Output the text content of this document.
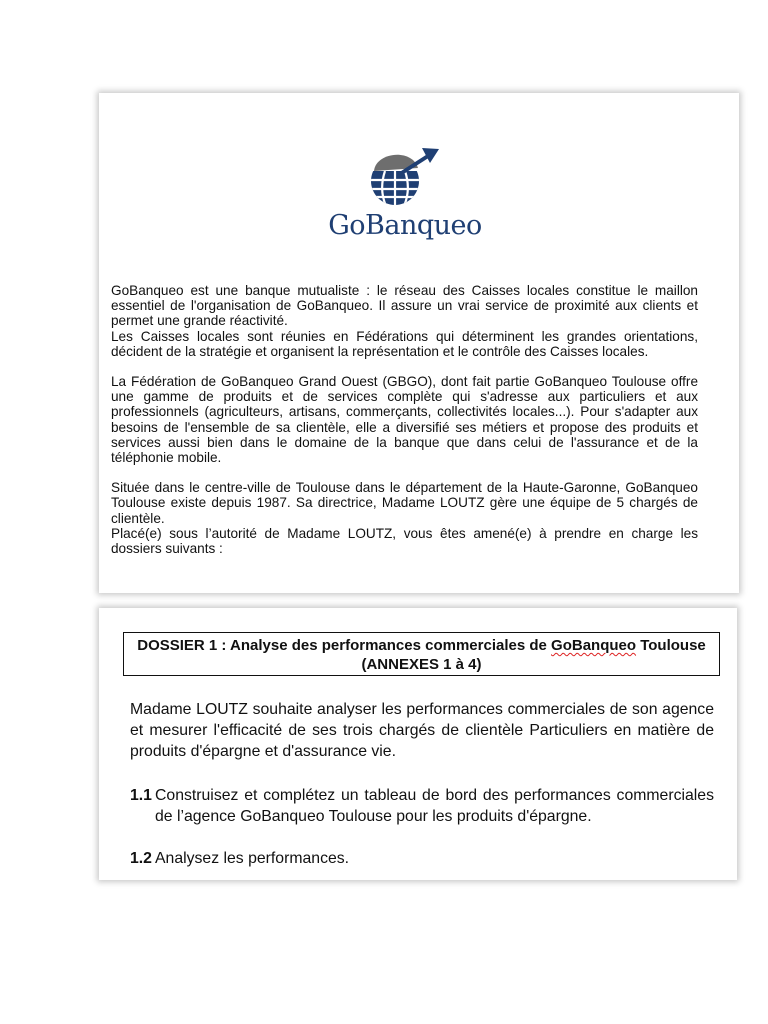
GoBanqueo

GoBanqueo est une banque mutualiste : le réseau des Caisses locales constitue le maillon essentiel de l'organisation de GoBanqueo. Il assure un vrai service de proximité aux clients et permet une grande réactivité.

Les Caisses locales sont réunies en Fédérations qui déterminent les grandes orientations, décident de la stratégie et organisent la représentation et le contrôle des Caisses locales.

La Fédération de GoBanqueo Grand Ouest (GBGO), dont fait partie GoBanqueo Toulouse offre une gamme de produits et de services complète qui s'adresse aux particuliers et aux professionnels (agriculteurs, artisans, commerçants, collectivités locales...). Pour s'adapter aux besoins de l'ensemble de sa clientèle, elle a diversifié ses métiers et propose des produits et services aussi bien dans le domaine de la banque que dans celui de l'assurance et de la téléphonie mobile.

Située dans le centre-ville de Toulouse dans le département de la Haute-Garonne, GoBanqueo Toulouse existe depuis 1987. Sa directrice, Madame LOUTZ gère une équipe de 5 chargés de clientèle.

Placé(e) sous l’autorité de Madame LOUTZ, vous êtes amené(e) à prendre en charge les dossiers suivants :

DOSSIER 1 : Analyse des performances commerciales de GoBanqueo Toulouse
(ANNEXES 1 à 4)

Madame LOUTZ souhaite analyser les performances commerciales de son agence et mesurer l'efficacité de ses trois chargés de clientèle Particuliers en matière de produits d'épargne et d'assurance vie.

1.1 Construisez et complétez un tableau de bord des performances commerciales de l’agence GoBanqueo Toulouse pour les produits d'épargne.
1.2 Analysez les performances.
